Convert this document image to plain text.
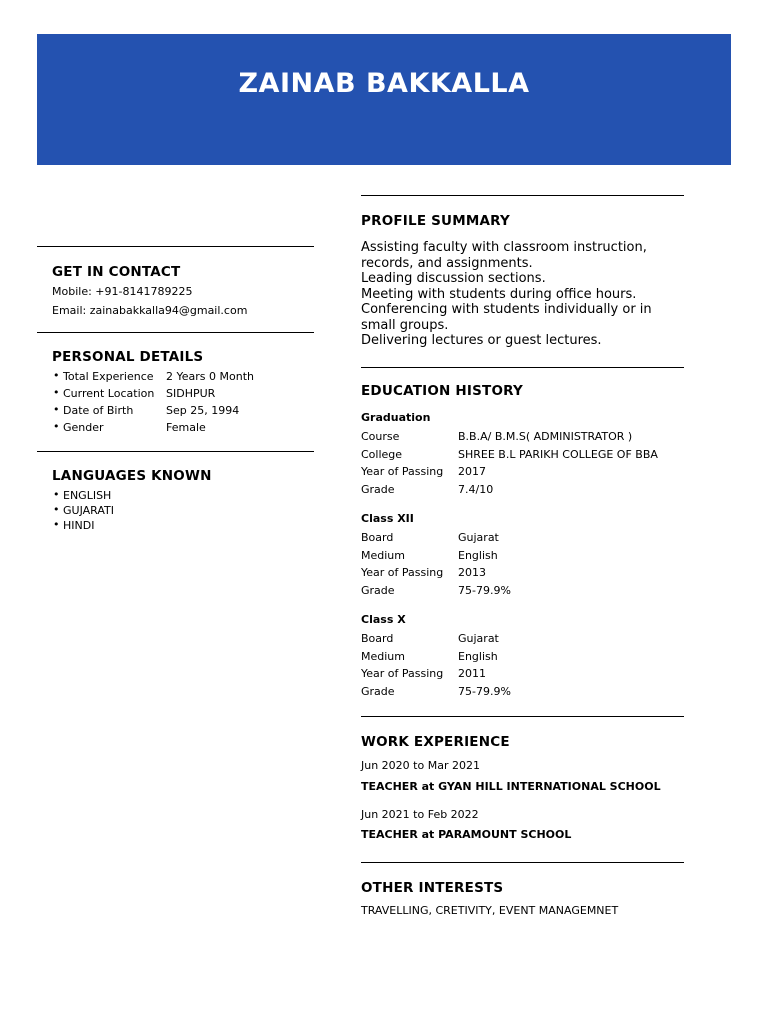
ZAINAB BAKKALLA
GET IN CONTACT
Mobile: +91-8141789225
Email: zainabakkalla94@gmail.com
PERSONAL DETAILS
Total Experience 2 Years 0 Month
Current Location SIDHPUR
Date of Birth	Sep 25, 1994
Gender	Female
LANGUAGES KNOWN
• ENGLISH
• GUJARATI
• HINDI
PROFILE SUMMARY
Assisting faculty with classroom instruction, records, and assignments.
Leading discussion sections.
Meeting with students during office hours.
Conferencing with students individually or in small groups.
Delivering lectures or guest lectures.
EDUCATION HISTORY
Graduation
Course	B.B.A/ B.M.S( ADMINISTRATOR )
College	SHREE B.L PARIKH COLLEGE OF BBA
Year of Passing 2017
Grade	7.4/10
Class XII
Board	Gujarat
Medium	English
Year of Passing 2013
Grade	75-79.9%
Class X
Board	Gujarat
Medium	English
Year of Passing 2011
Grade	75-79.9%
WORK EXPERIENCE
Jun 2020 to Mar 2021
TEACHER at GYAN HILL INTERNATIONAL SCHOOL
Jun 2021 to Feb 2022
TEACHER at PARAMOUNT SCHOOL
OTHER INTERESTS
TRAVELLING, CRETIVITY, EVENT MANAGEMNET
